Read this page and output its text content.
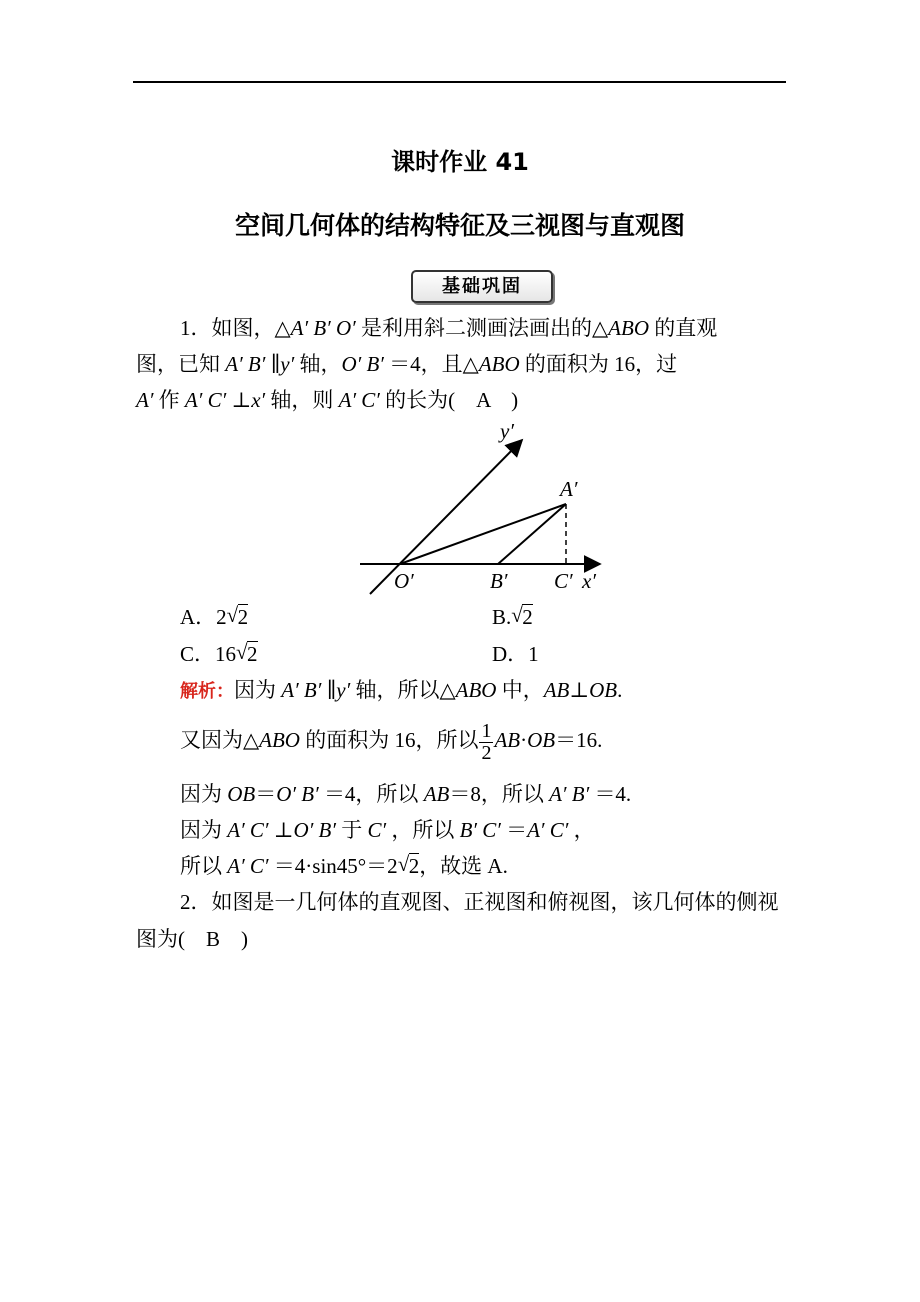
课时作业 41
空间几何体的结构特征及三视图与直观图
基础巩固
1．如图，△A′ B′ O′ 是利用斜二测画法画出的△ABO 的直观
图，已知 A′ B′ ∥y′ 轴，O′ B′ ＝4，且△ABO 的面积为 16，过
A′ 作 A′ C′ ⊥x′ 轴，则 A′ C′ 的长为(　A　)
y′
A′
O′	B′ C′ x′
A．2 √ 2	B. √ 2
C．16 √ 2	D．1
解析：因为 A′ B′ ∥y′ 轴，所以△ABO 中，AB⊥OB.
又因为△ABO 的面积为 16，所以 $\frac{1}{2} AB\cdot OB=16$.
因为 OB＝O′ B′ ＝4，所以 AB＝8，所以 A′ B′ ＝4.
因为 A′ C′ ⊥O′ B′ 于 C′ ，所以 B′ C′ ＝A′ C′ ，
所以 A′ C′ ＝4·sin45°＝2 √ 2，故选 A.
2．如图是一几何体的直观图、正视图和俯视图，该几何体的侧视
图为(　B　)
